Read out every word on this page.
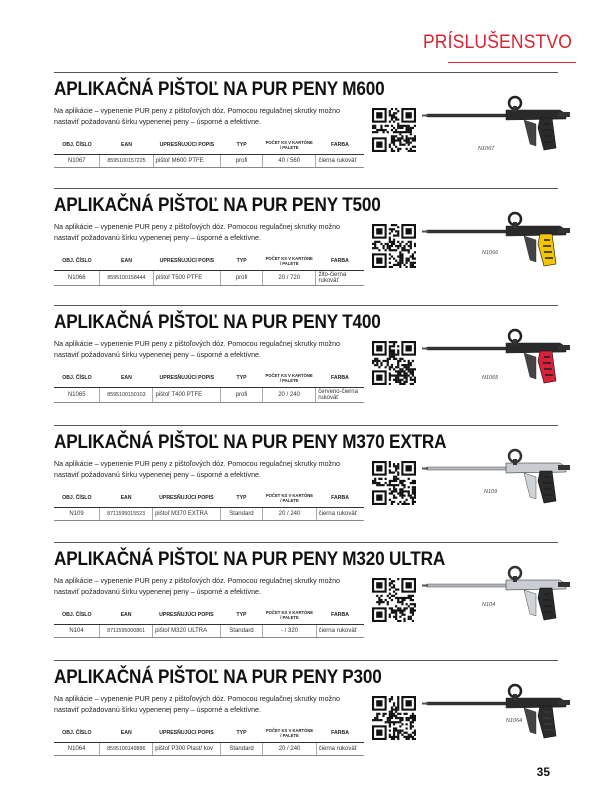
PRÍSLUŠENSTVO
APLIKAČNÁ PIŠTOĽ NA PUR PENY M600
Na aplikácie – vypenenie PUR peny z pištoľových dóz. Pomocou regulačnej skrutky možno nastaviť požadovanú šírku vypenenej peny – úsporné a efektívne.
OBJ. ČÍSLO	EAN	UPRESŇUJÚCI POPIS	TYP	POČET KS V KARTÓNE / PALETE	FARBA
N1067	8595100157225	pištoľ M600 PTFE	profi	40 / 560	čierna rukoväť
N1067
APLIKAČNÁ PIŠTOĽ NA PUR PENY T500
Na aplikácie – vypenenie PUR peny z pištoľových dóz. Pomocou regulačnej skrutky možno nastaviť požadovanú šírku vypenenej peny – úsporné a efektívne.
OBJ. ČÍSLO	EAN	UPRESŇUJÚCI POPIS	TYP	POČET KS V KARTÓNE / PALETE	FARBA
N1066	8595100158444	pištoľ T500 PTFE	profi	20 / 720	žlto-čierna rukoväť
N1066
APLIKAČNÁ PIŠTOĽ NA PUR PENY T400
Na aplikácie – vypenenie PUR peny z pištoľových dóz. Pomocou regulačnej skrutky možno nastaviť požadovanú šírku vypenenej peny – úsporné a efektívne.
OBJ. ČÍSLO	EAN	UPRESŇUJÚCI POPIS	TYP	POČET KS V KARTÓNE / PALETE	FARBA
N1065	8595100150103	pištoľ T400 PTFE	profi	20 / 240	červeno-čierna rukoväť
N1065
APLIKAČNÁ PIŠTOĽ NA PUR PENY M370 EXTRA
Na aplikácie – vypenenie PUR peny z pištoľových dóz. Pomocou regulačnej skrutky možno nastaviť požadovanú šírku vypenenej peny – úsporné a efektívne.
OBJ. ČÍSLO	EAN	UPRESŇUJÚCI POPIS	TYP	POČET KS V KARTÓNE / PALETE	FARBA
N109	8711595015523	pištoľ M370 EXTRA	Standard	20 / 240	čierna rukoväť
N109
APLIKAČNÁ PIŠTOĽ NA PUR PENY M320 ULTRA
Na aplikácie – vypenenie PUR peny z pištoľových dóz. Pomocou regulačnej skrutky možno nastaviť požadovanú šírku vypenenej peny – úsporné a efektívne.
OBJ. ČÍSLO	EAN	UPRESŇUJÚCI POPIS	TYP	POČET KS V KARTÓNE / PALETE	FARBA
N104	8711595000861	pištoľ M320 ULTRA	Standard	- / 320	čierna rukoväť
N104
APLIKAČNÁ PIŠTOĽ NA PUR PENY P300
Na aplikácie – vypenenie PUR peny z pištoľových dóz. Pomocou regulačnej skrutky možno nastaviť požadovanú šírku vypenenej peny – úsporné a efektívne.
OBJ. ČÍSLO	EAN	UPRESŇUJÚCI POPIS	TYP	POČET KS V KARTÓNE / PALETE	FARBA
N1064	8595100149886	pištoľ P300 Plast/ kov	Standard	20 / 240	čierna rukoväť
N1064
35
